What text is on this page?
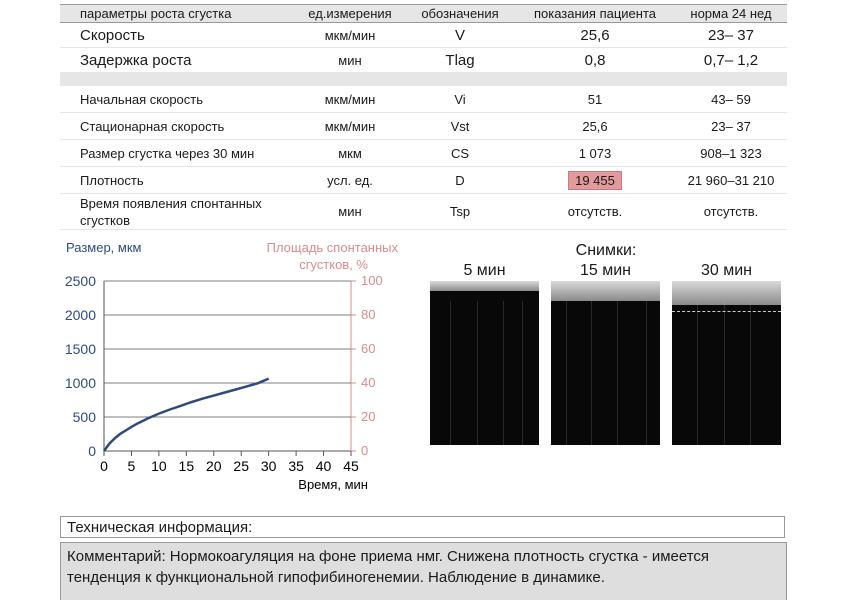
параметры роста сгустка	ед.измерения	обозначения	показания пациента	норма 24 нед
Скорость	мкм/мин	V	25,6	23– 37
Задержка роста	мин	Tlag	0,8	0,7– 1,2

Начальная скорость	мкм/мин	Vi	51	43– 59
Стационарная скорость	мкм/мин	Vst	25,6	23– 37
Размер сгустка через 30 мин	мкм	CS	1 073	908–1 323
Плотность	усл. ед.	D	19 455	21 960–31 210
Время появления спонтанных сгустков	мин	Tsp	отсутств.	отсутств.
Размер, мкм	Площадь спонтанных сгустков, %
0
500
1000
1500
2000
2500
0
20
40
60
80
100
0 5 10 15 20 25 30 35 40 45
Время, мин
Снимки:
5 мин	15 мин	30 мин
Техническая информация:
Комментарий: Нормокоагуляция на фоне приема нмг. Снижена плотность сгустка - имеется тенденция к функциональной гипофибиногенемии. Наблюдение в динамике.
